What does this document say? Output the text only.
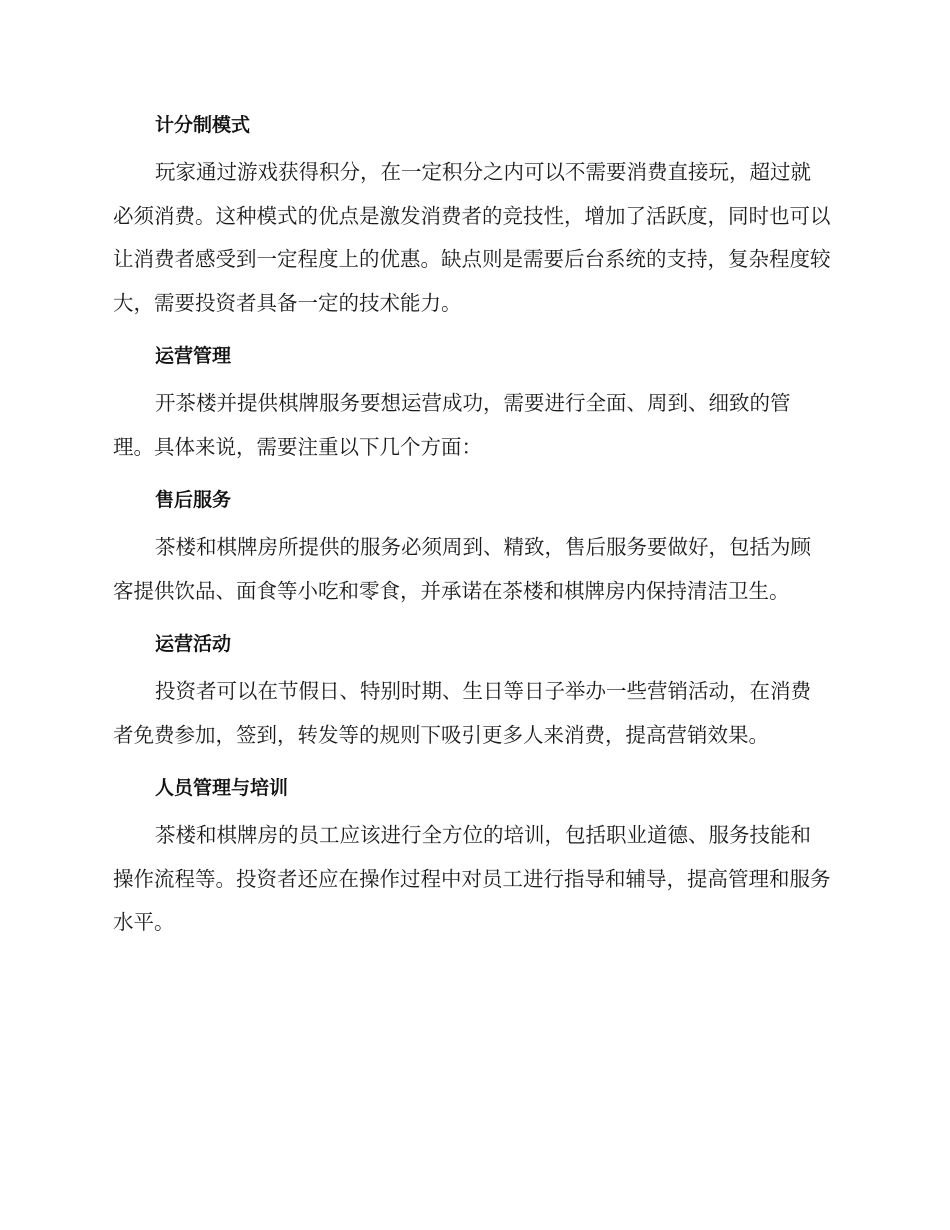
计分制模式

玩家通过游戏获得积分，在一定积分之内可以不需要消费直接玩，超过就必须消费。这种模式的优点是激发消费者的竞技性，增加了活跃度，同时也可以让消费者感受到一定程度上的优惠。缺点则是需要后台系统的支持，复杂程度较大，需要投资者具备一定的技术能力。

运营管理

开茶楼并提供棋牌服务要想运营成功，需要进行全面、周到、细致的管理。具体来说，需要注重以下几个方面：

售后服务

茶楼和棋牌房所提供的服务必须周到、精致，售后服务要做好，包括为顾客提供饮品、面食等小吃和零食，并承诺在茶楼和棋牌房内保持清洁卫生。

运营活动

投资者可以在节假日、特别时期、生日等日子举办一些营销活动，在消费者免费参加，签到，转发等的规则下吸引更多人来消费，提高营销效果。

人员管理与培训

茶楼和棋牌房的员工应该进行全方位的培训，包括职业道德、服务技能和操作流程等。投资者还应在操作过程中对员工进行指导和辅导，提高管理和服务水平。
